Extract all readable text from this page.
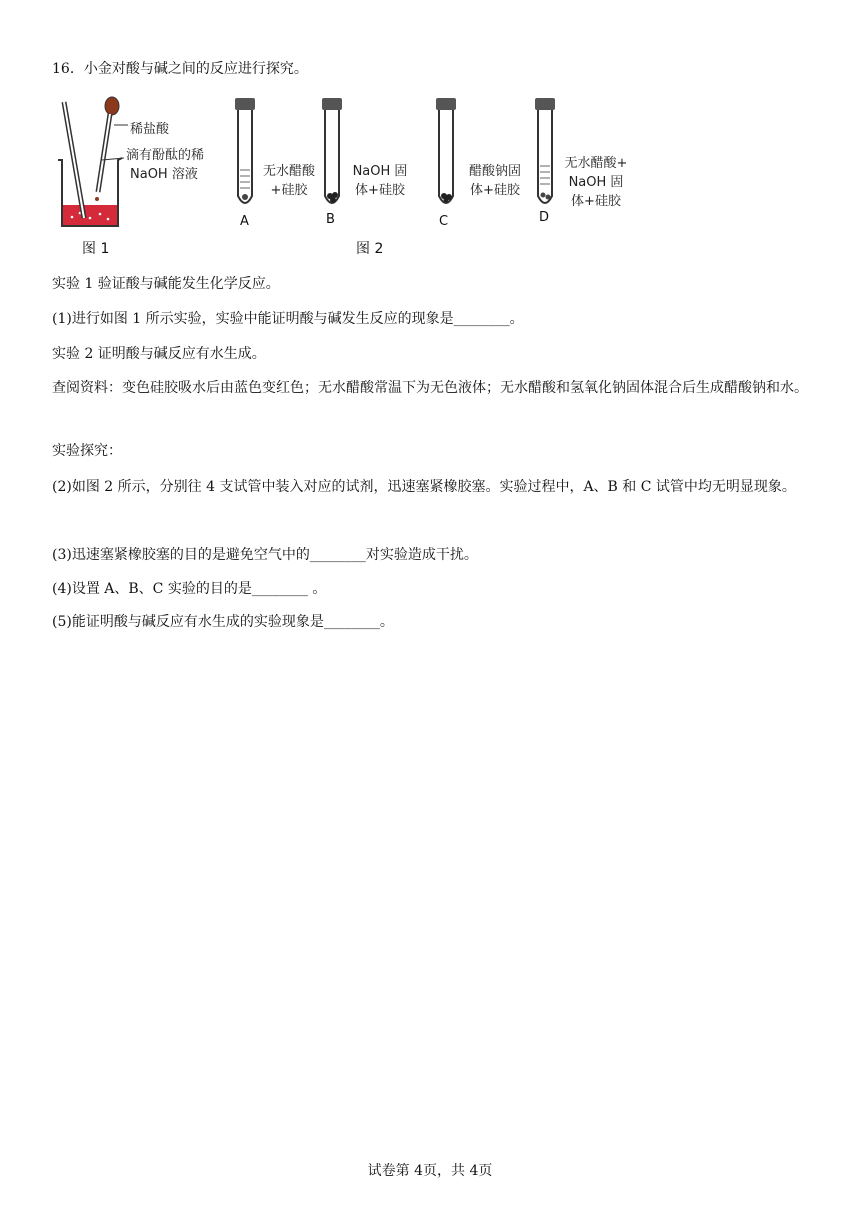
16．小金对酸与碱之间的反应进行探究。

稀盐酸
滴有酚酞的稀
NaOH 溶液
图 1
无水醋酸
+硅胶
NaOH 固
体+硅胶
醋酸钠固
体+硅胶
无水醋酸+
NaOH 固
体+硅胶
A	B	C	D
图 2

实验 1 验证酸与碱能发生化学反应。

(1)进行如图 1 所示实验，实验中能证明酸与碱发生反应的现象是________。

实验 2 证明酸与碱反应有水生成。

查阅资料：变色硅胶吸水后由蓝色变红色；无水醋酸常温下为无色液体；无水醋酸和氢氧化钠固体混合后生成醋酸钠和水。

实验探究：

(2)如图 2 所示，分别往 4 支试管中装入对应的试剂，迅速塞紧橡胶塞。实验过程中，A、B 和 C 试管中均无明显现象。

(3)迅速塞紧橡胶塞的目的是避免空气中的________对实验造成干扰。

(4)设置 A、B、C 实验的目的是________ 。

(5)能证明酸与碱反应有水生成的实验现象是________。

试卷第 4页，共 4页
